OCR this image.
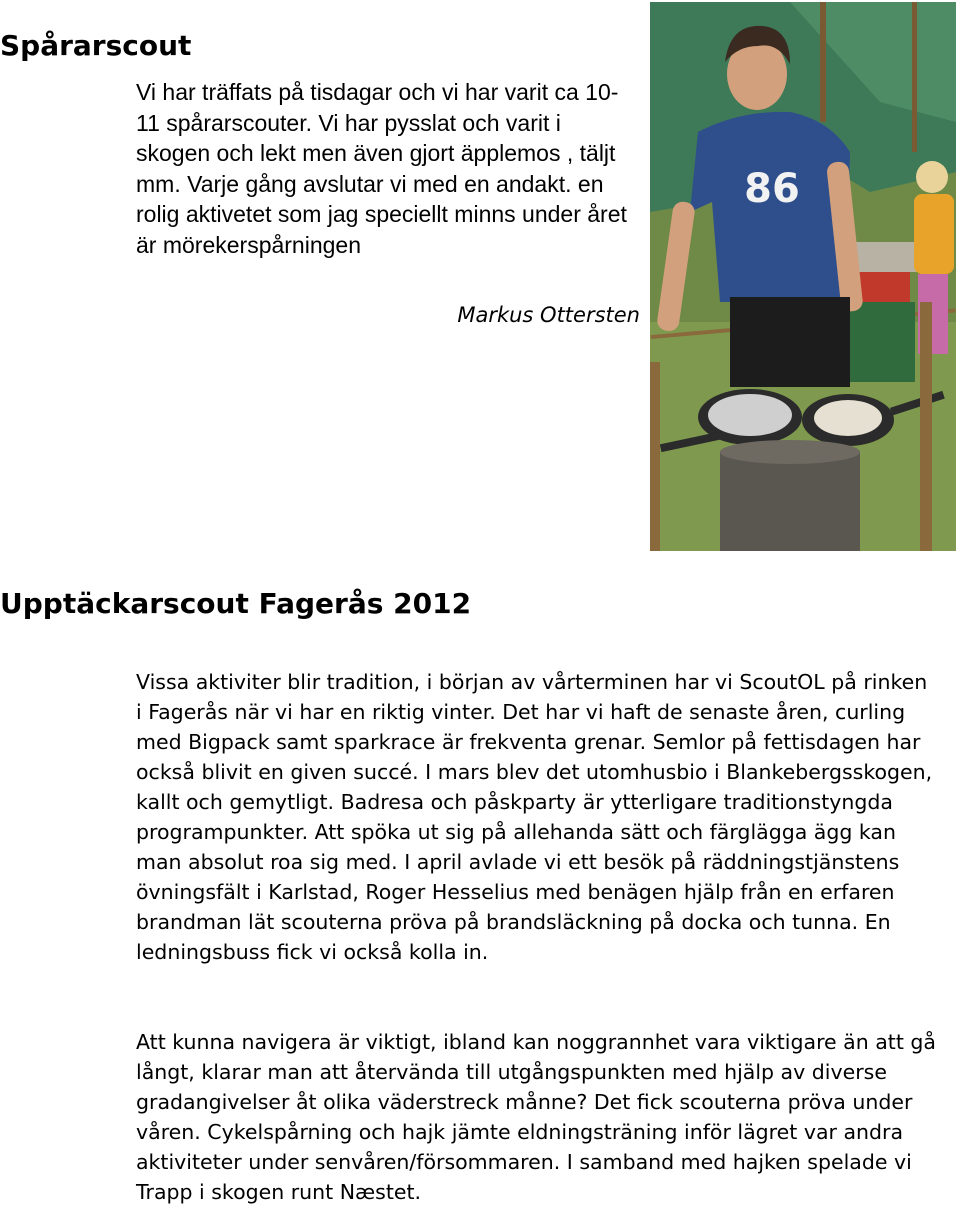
Spårarscout

Vi har träffats på tisdagar och vi har varit ca 10-11 spårarscouter. Vi har pysslat och varit i skogen och lekt men även gjort äpplemos , täljt mm. Varje gång avslutar vi med en andakt. en rolig aktivetet som jag speciellt minns under året är mörekerspårningen

Markus Ottersten

86
Upptäckarscout Fagerås 2012

Vissa aktiviter blir tradition, i början av vårterminen har vi ScoutOL på rinken i Fagerås när vi har en riktig vinter. Det har vi haft de senaste åren, curling med Bigpack samt sparkrace är frekventa grenar. Semlor på fettisdagen har också blivit en given succé. I mars blev det utomhusbio i Blankebergsskogen, kallt och gemytligt. Badresa och påskparty är ytterligare traditionstyngda programpunkter. Att spöka ut sig på allehanda sätt och färglägga ägg kan man absolut roa sig med. I april avlade vi ett besök på räddningstjänstens övningsfält i Karlstad, Roger Hesselius med benägen hjälp från en erfaren brandman lät scouterna pröva på brandsläckning på docka och tunna. En ledningsbuss fick vi också kolla in.

Att kunna navigera är viktigt, ibland kan noggrannhet vara viktigare än att gå långt, klarar man att återvända till utgångspunkten med hjälp av diverse gradangivelser åt olika väderstreck månne? Det fick scouterna pröva under våren. Cykelspårning och hajk jämte eldningsträning inför lägret var andra aktiviteter under senvåren/försommaren. I samband med hajken spelade vi Trapp i skogen runt Næstet.
